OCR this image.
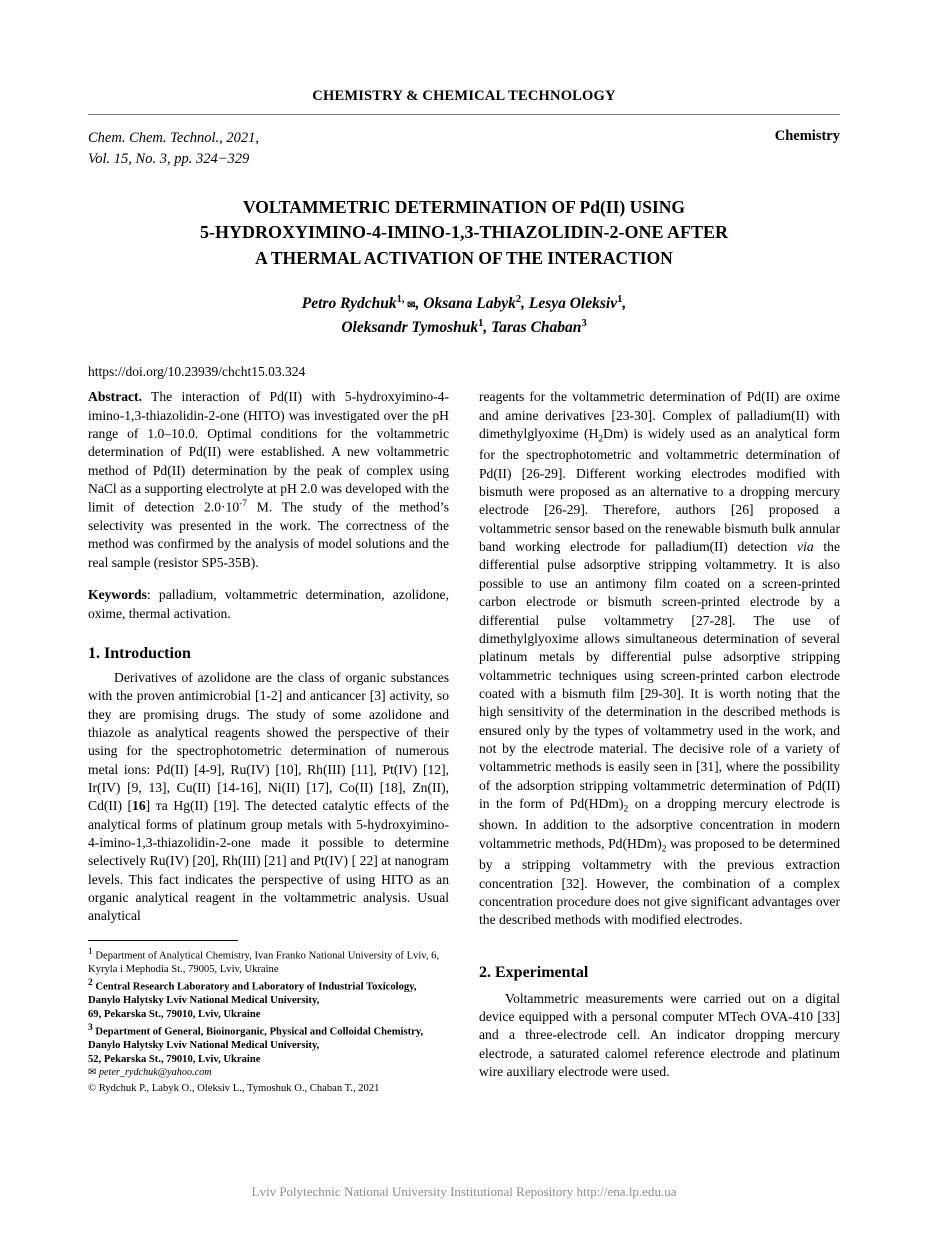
CHEMISTRY & CHEMICAL TECHNOLOGY
Chem. Chem. Technol., 2021,
Vol. 15, No. 3, pp. 324−329
Chemistry
VOLTAMMETRIC DETERMINATION OF Pd(II) USING
5-HYDROXYIMINO-4-IMINO-1,3-THIAZOLIDIN-2-ONE AFTER
A THERMAL ACTIVATION OF THE INTERACTION
Petro Rydchuk$^{1,}$ ✉, Oksana Labyk$^2$, Lesya Oleksiv$^1$,
Oleksandr Tymoshuk$^1$, Taras Chaban$^3$
https://doi.org/10.23939/chcht15.03.324

Abstract. The interaction of Pd(II) with 5-hydroxyimino-4-imino-1,3-thiazolidin-2-one (HITO) was investigated over the pH range of 1.0–10.0. Optimal conditions for the voltammetric determination of Pd(II) were established. A new voltammetric method of Pd(II) determination by the peak of complex using NaCl as a supporting electrolyte at pH 2.0 was developed with the limit of detection $2.0\cdot 10^{-7}$ M. The study of the method’s selectivity was presented in the work. The correctness of the method was confirmed by the analysis of model solutions and the real sample (resistor SP5-35B).

Keywords: palladium, voltammetric determination, azolidone, oxime, thermal activation.

1. Introduction

Derivatives of azolidone are the class of organic substances with the proven antimicrobial [1-2] and anticancer [3] activity, so they are promising drugs. The study of some azolidone and thiazole as analytical reagents showed the perspective of their using for the spectrophotometric determination of numerous metal ions: Pd(II) [4-9], Ru(IV) [10], Rh(III) [11], Pt(IV) [12], Ir(IV) [9, 13], Cu(II) [14-16], Ni(II) [17], Co(II) [18], Zn(II), Cd(II) [16] та Hg(II) [19]. The detected catalytic effects of the analytical forms of platinum group metals with 5-hydroxyimino-4-imino-1,3-thiazolidin-2-one made it possible to determine selectively Ru(IV) [20], Rh(III) [21] and Pt(IV) [ 22] at nanogram levels. This fact indicates the perspective of using HITO as an organic analytical reagent in the voltammetric analysis. Usual analytical

$^1$ Department of Analytical Chemistry, Ivan Franko National University of Lviv, 6, Kyryla i Mephodia St., 79005, Lviv, Ukraine

$^2$ Central Research Laboratory and Laboratory of Industrial Toxicology, Danylo Halytsky Lviv National Medical University,

69, Pekarska St., 79010, Lviv, Ukraine

$^3$ Department of General, Bioinorganic, Physical and Colloidal Chemistry, Danylo Halytsky Lviv National Medical University,

52, Pekarska St., 79010, Lviv, Ukraine

✉ peter_rydchuk@yahoo.com

© Rydchuk P., Labyk O., Oleksiv L., Tymoshuk O., Chaban T., 2021

reagents for the voltammetric determination of Pd(II) are oxime and amine derivatives [23-30]. Complex of palladium(II) with dimethylglyoxime $(H_2Dm)$ is widely used as an analytical form for the spectrophotometric and voltammetric determination of Pd(II) [26-29]. Different working electrodes modified with bismuth were proposed as an alternative to a dropping mercury electrode [26-29]. Therefore, authors [26] proposed a voltammetric sensor based on the renewable bismuth bulk annular band working electrode for palladium(II) detection via the differential pulse adsorptive stripping voltammetry. It is also possible to use an antimony film coated on a screen-printed carbon electrode or bismuth screen-printed electrode by a differential pulse voltammetry [27-28]. The use of dimethylglyoxime allows simultaneous determination of several platinum metals by differential pulse adsorptive stripping voltammetric techniques using screen-printed carbon electrode coated with a bismuth film [29-30]. It is worth noting that the high sensitivity of the determination in the described methods is ensured only by the types of voltammetry used in the work, and not by the electrode material. The decisive role of a variety of voltammetric methods is easily seen in [31], where the possibility of the adsorption stripping voltammetric determination of Pd(II) in the form of $Pd(HDm)_2$ on a dropping mercury electrode is shown. In addition to the adsorptive concentration in modern voltammetric methods, $Pd(HDm)_2$ was proposed to be determined by a stripping voltammetry with the previous extraction concentration [32]. However, the combination of a complex concentration procedure does not give significant advantages over the described methods with modified electrodes.

2. Experimental

Voltammetric measurements were carried out on a digital device equipped with a personal computer MTech OVA-410 [33] and a three-electrode cell. An indicator dropping mercury electrode, a saturated calomel reference electrode and platinum wire auxiliary electrode were used.

Lviv Polytechnic National University Institutional Repository http://ena.lp.edu.ua
